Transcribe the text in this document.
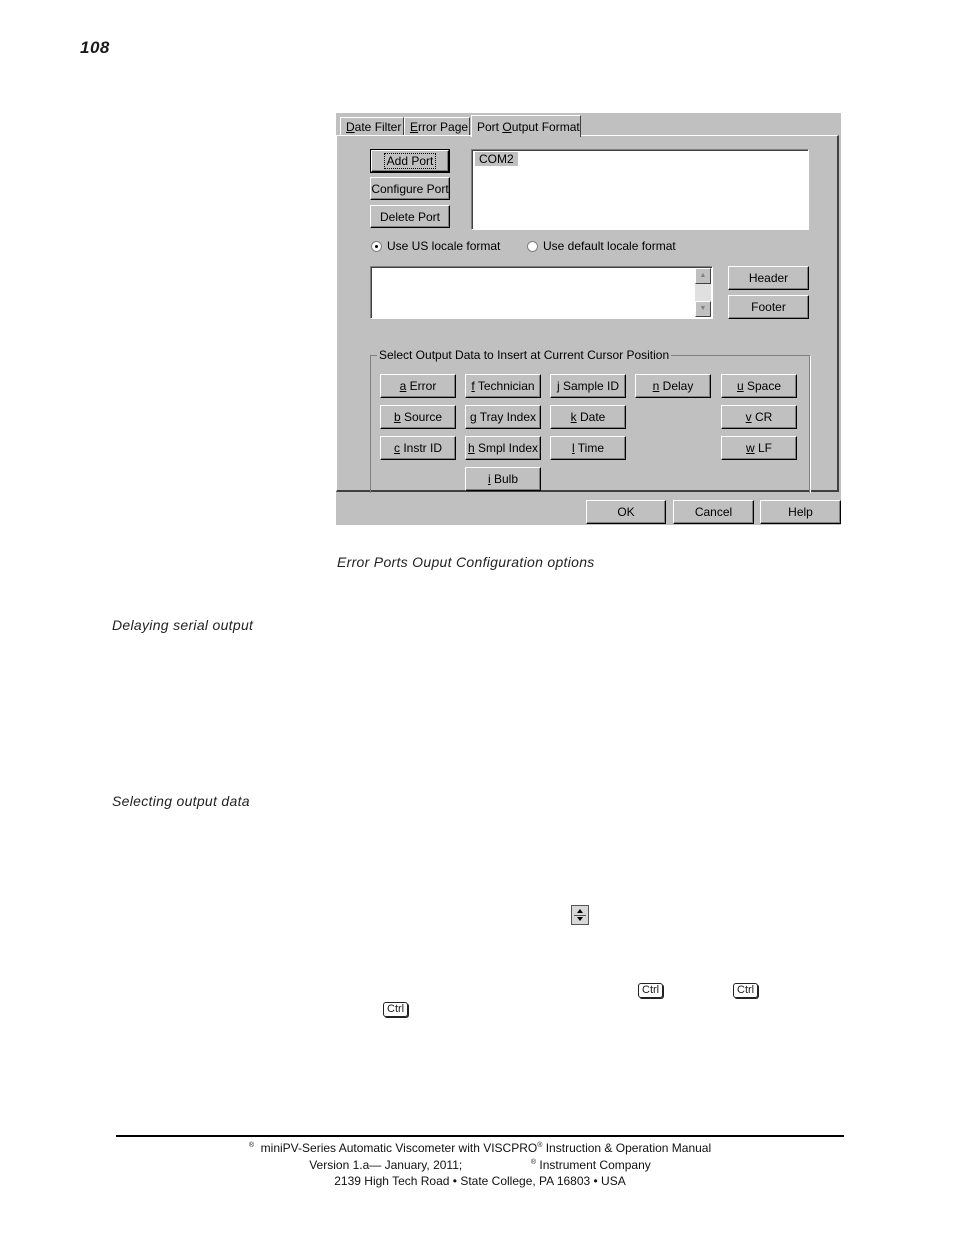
108
Date Filter Error Page Port Output Format
Add Port
Configure Port
Delete Port
COM2
Use US locale format	Use default locale format
▲
▼
Header
Footer
Select Output Data to Insert at Current Cursor Position
a Error	f Technician j Sample ID	n Delay	u Space
b Source g Tray Index	k Date	v CR
c Instr ID h Smpl Index	l Time	w LF
i Bulb
OK	Cancel	Help
Error Ports Ouput Configuration options
Delaying serial output
Selecting output data
Ctrl	Ctrl
Ctrl
® miniPV-Series Automatic Viscometer with VISCPRO® Instruction & Operation Manual
Version 1.a— January, 2011;	® Instrument Company
2139 High Tech Road • State College, PA 16803 • USA
